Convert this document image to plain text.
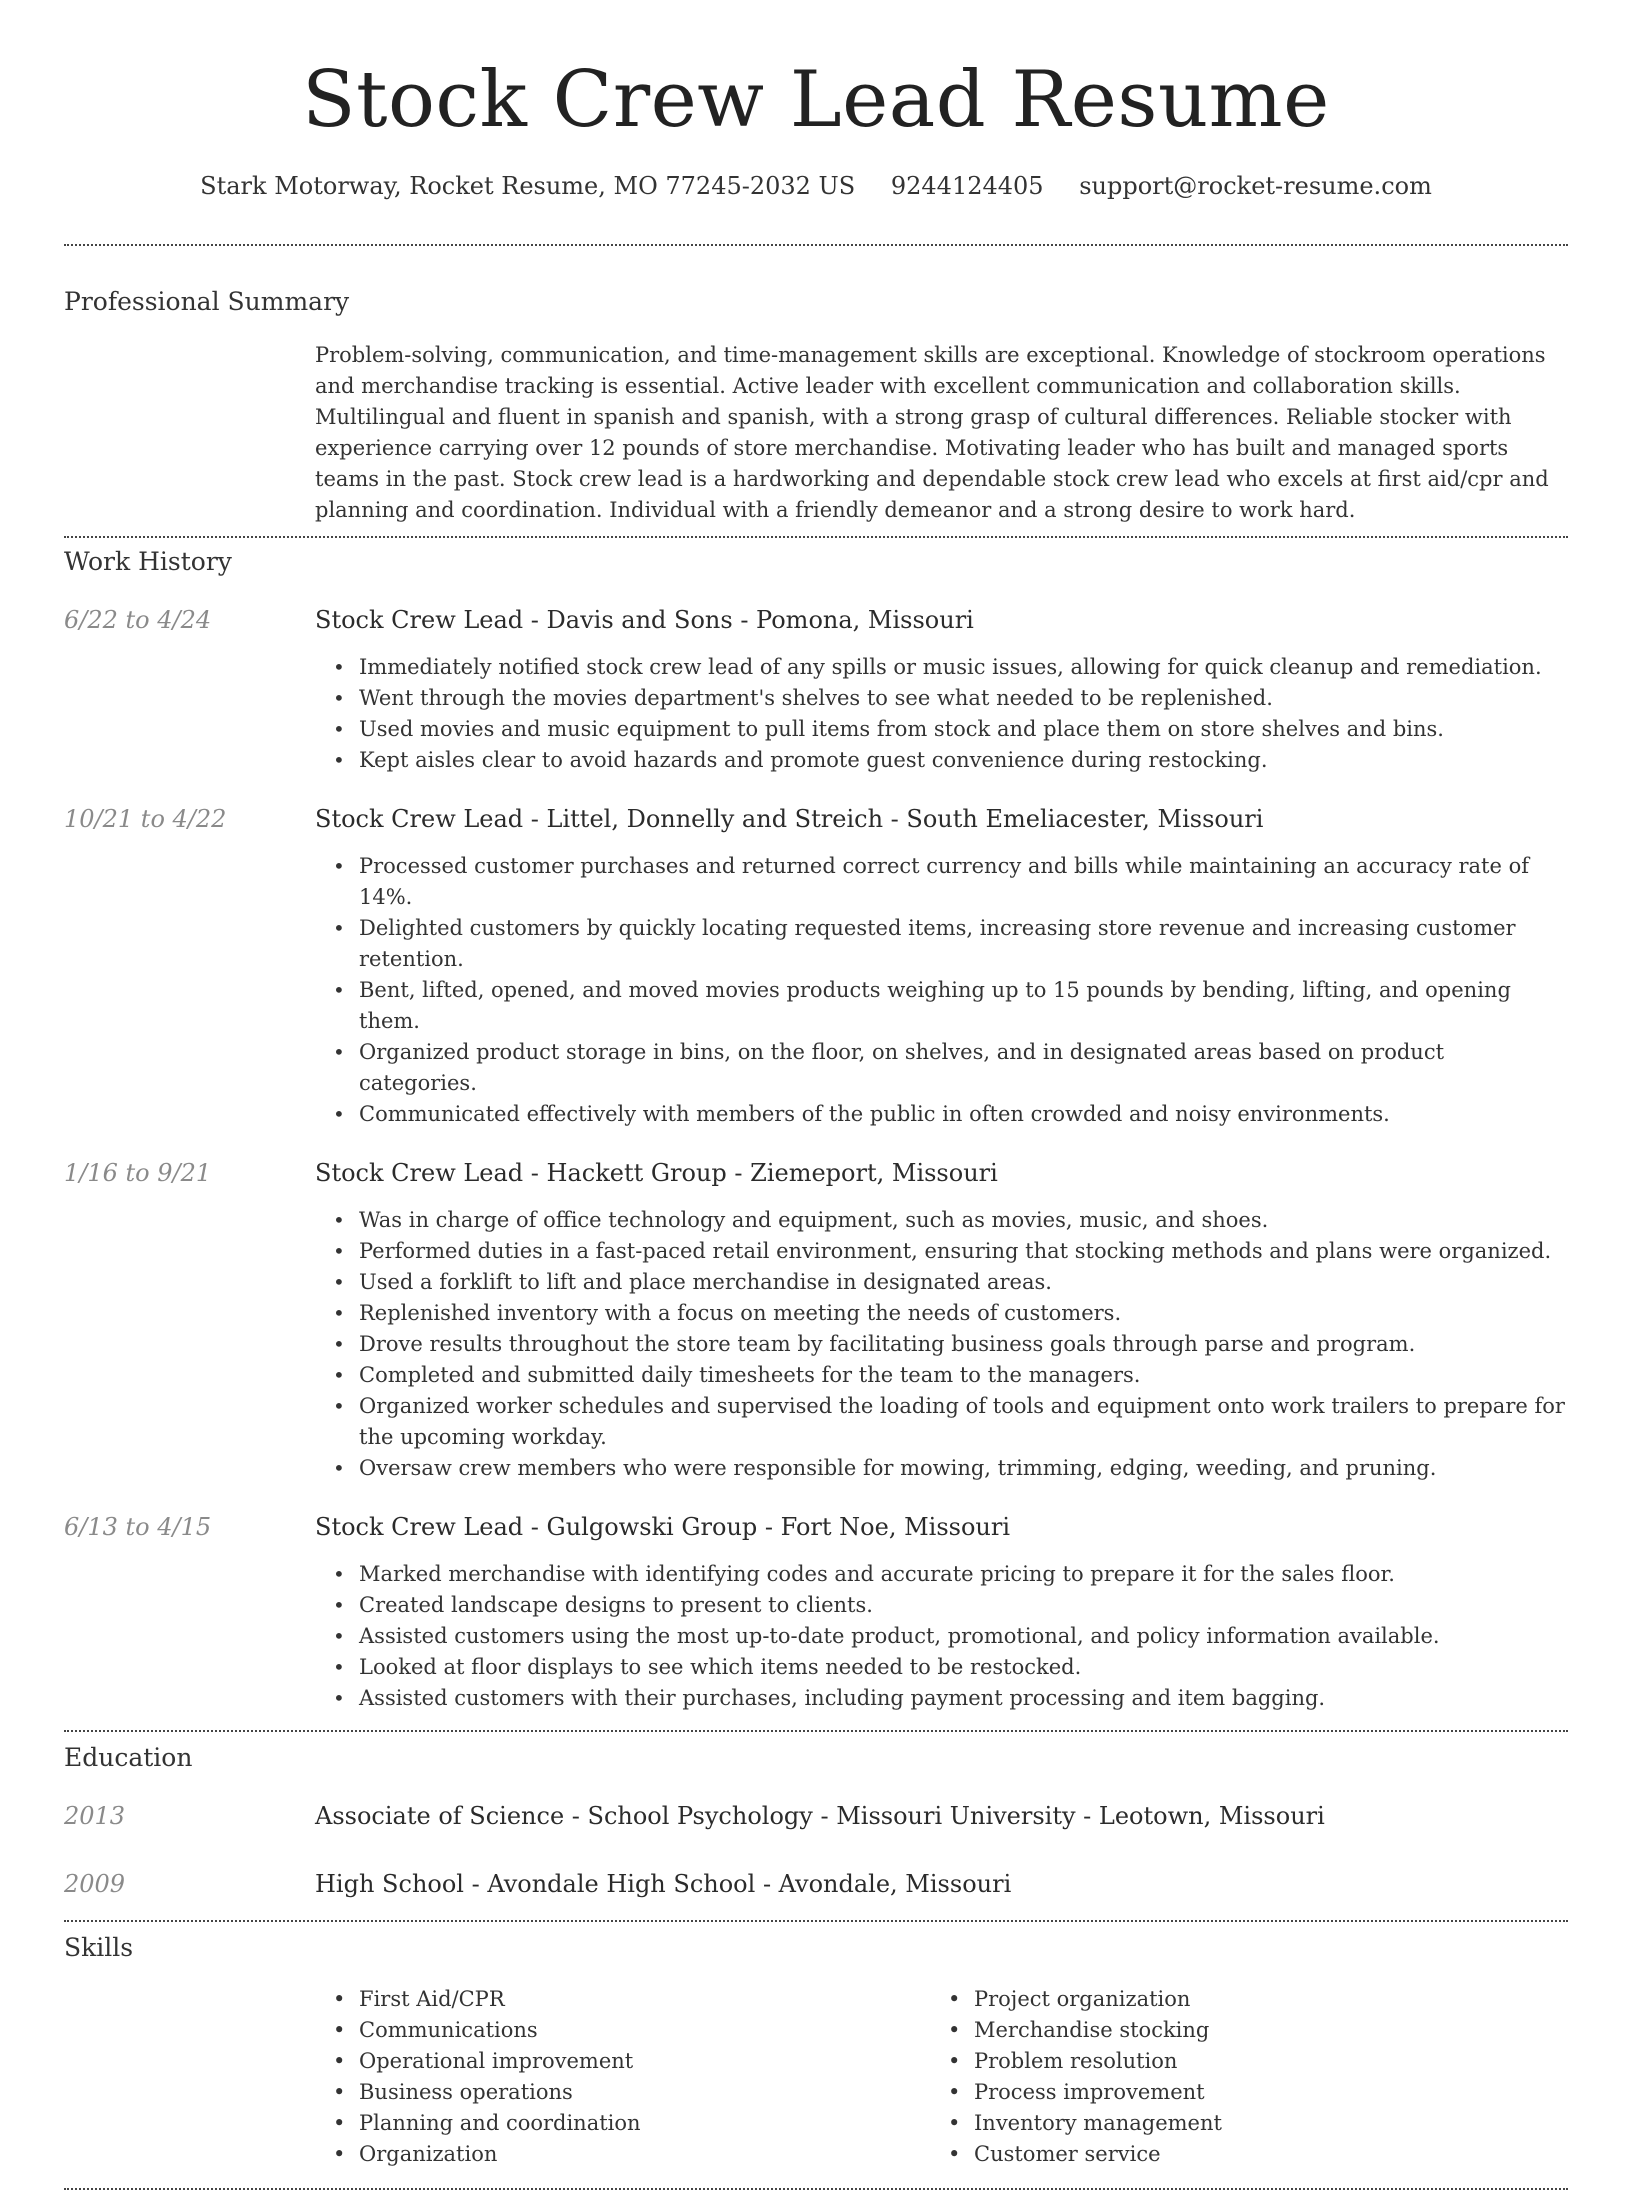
Stock Crew Lead Resume
Stark Motorway, Rocket Resume, MO 77245-2032 US 9244124405 support@rocket-resume.com
Professional Summary

Problem-solving, communication, and time-management skills are exceptional. Knowledge of stockroom operations and merchandise tracking is essential. Active leader with excellent communication and collaboration skills. Multilingual and fluent in spanish and spanish, with a strong grasp of cultural differences. Reliable stocker with experience carrying over 12 pounds of store merchandise. Motivating leader who has built and managed sports teams in the past. Stock crew lead is a hardworking and dependable stock crew lead who excels at first aid/cpr and planning and coordination. Individual with a friendly demeanor and a strong desire to work hard.

Work History
6/22 to 4/24	Stock Crew Lead - Davis and Sons - Pomona, Missouri
• Immediately notified stock crew lead of any spills or music issues, allowing for quick cleanup and remediation.
• Went through the movies department's shelves to see what needed to be replenished.
• Used movies and music equipment to pull items from stock and place them on store shelves and bins.
• Kept aisles clear to avoid hazards and promote guest convenience during restocking.
10/21 to 4/22	Stock Crew Lead - Littel, Donnelly and Streich - South Emeliacester, Missouri
• Processed customer purchases and returned correct currency and bills while maintaining an accuracy rate of 14%.
• Delighted customers by quickly locating requested items, increasing store revenue and increasing customer retention.
• Bent, lifted, opened, and moved movies products weighing up to 15 pounds by bending, lifting, and opening them.
• Organized product storage in bins, on the floor, on shelves, and in designated areas based on product categories.
• Communicated effectively with members of the public in often crowded and noisy environments.
1/16 to 9/21	Stock Crew Lead - Hackett Group - Ziemeport, Missouri
• Was in charge of office technology and equipment, such as movies, music, and shoes.
• Performed duties in a fast-paced retail environment, ensuring that stocking methods and plans were organized.
• Used a forklift to lift and place merchandise in designated areas.
• Replenished inventory with a focus on meeting the needs of customers.
• Drove results throughout the store team by facilitating business goals through parse and program.
• Completed and submitted daily timesheets for the team to the managers.
• Organized worker schedules and supervised the loading of tools and equipment onto work trailers to prepare for the upcoming workday.
• Oversaw crew members who were responsible for mowing, trimming, edging, weeding, and pruning.
6/13 to 4/15	Stock Crew Lead - Gulgowski Group - Fort Noe, Missouri
• Marked merchandise with identifying codes and accurate pricing to prepare it for the sales floor.
• Created landscape designs to present to clients.
• Assisted customers using the most up-to-date product, promotional, and policy information available.
• Looked at floor displays to see which items needed to be restocked.
• Assisted customers with their purchases, including payment processing and item bagging.
Education
2013	Associate of Science - School Psychology - Missouri University - Leotown, Missouri
2009	High School - Avondale High School - Avondale, Missouri
Skills
• First Aid/CPR
• Communications
• Operational improvement
• Business operations
• Planning and coordination
• Organization
• Project organization
• Merchandise stocking
• Problem resolution
• Process improvement
• Inventory management
• Customer service
